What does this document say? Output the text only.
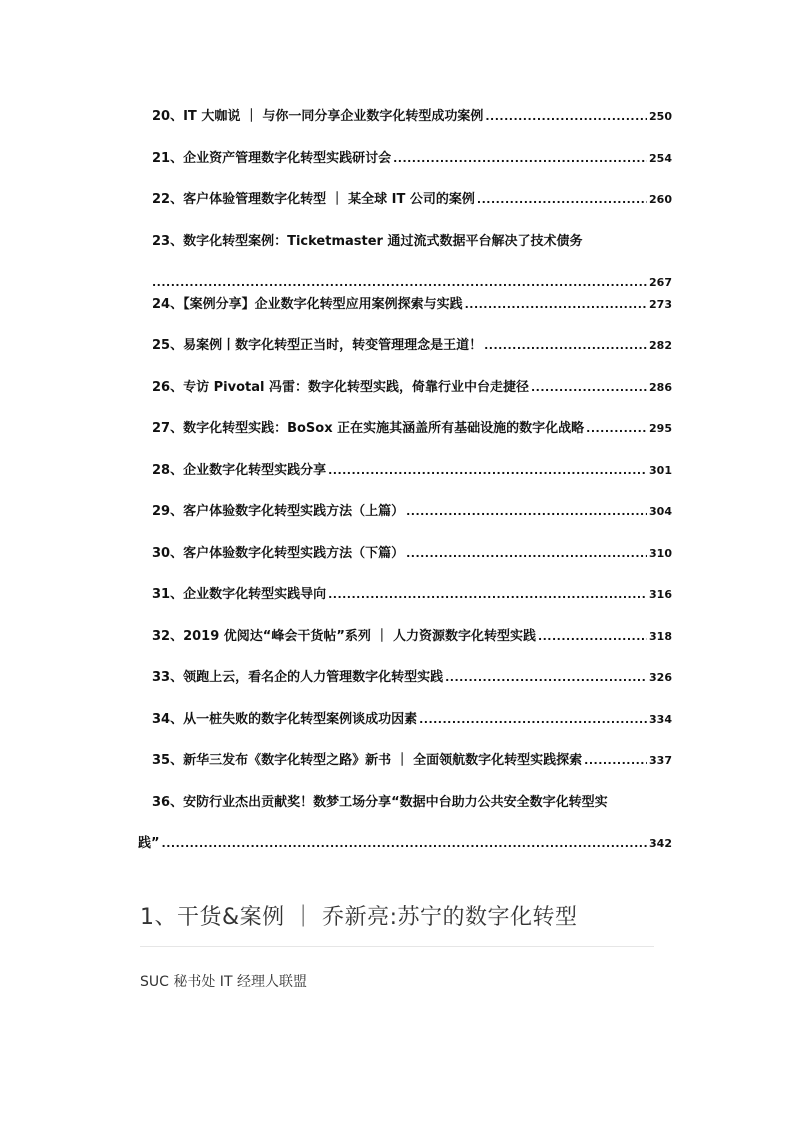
20、IT 大咖说 ｜ 与你一同分享企业数字化转型成功案例 .....	250
21、企业资产管理数字化转型实践研讨会 .....	254
22、客户体验管理数字化转型 ｜ 某全球 IT 公司的案例 .....	260
23、数字化转型案例：Ticketmaster 通过流式数据平台解决了技术债务
.....
267
24、【案例分享】企业数字化转型应用案例探索与实践 .....	273
25、易案例丨数字化转型正当时，转变管理理念是王道！ .....	282
26、专访 Pivotal 冯雷：数字化转型实践，倚靠行业中台走捷径 .....	286
27、数字化转型实践：BoSox 正在实施其涵盖所有基础设施的数字化战略 .....	295
28、企业数字化转型实践分享 .....	301
29、客户体验数字化转型实践方法（上篇） .....	304
30、客户体验数字化转型实践方法（下篇） .....	310
31、企业数字化转型实践导向 .....	316
32、2019 优阅达“峰会干货帖”系列 ｜ 人力资源数字化转型实践 .....	318
33、领跑上云，看名企的人力管理数字化转型实践 .....	326
34、从一桩失败的数字化转型案例谈成功因素 .....	334
35、新华三发布《数字化转型之路》新书 ｜ 全面领航数字化转型实践探索 .....	337
36、安防行业杰出贡献奖！数梦工场分享“数据中台助力公共安全数字化转型实
践” .....	342
1、干货&案例 ｜ 乔新亮:苏宁的数字化转型
SUC 秘书处 IT 经理人联盟
